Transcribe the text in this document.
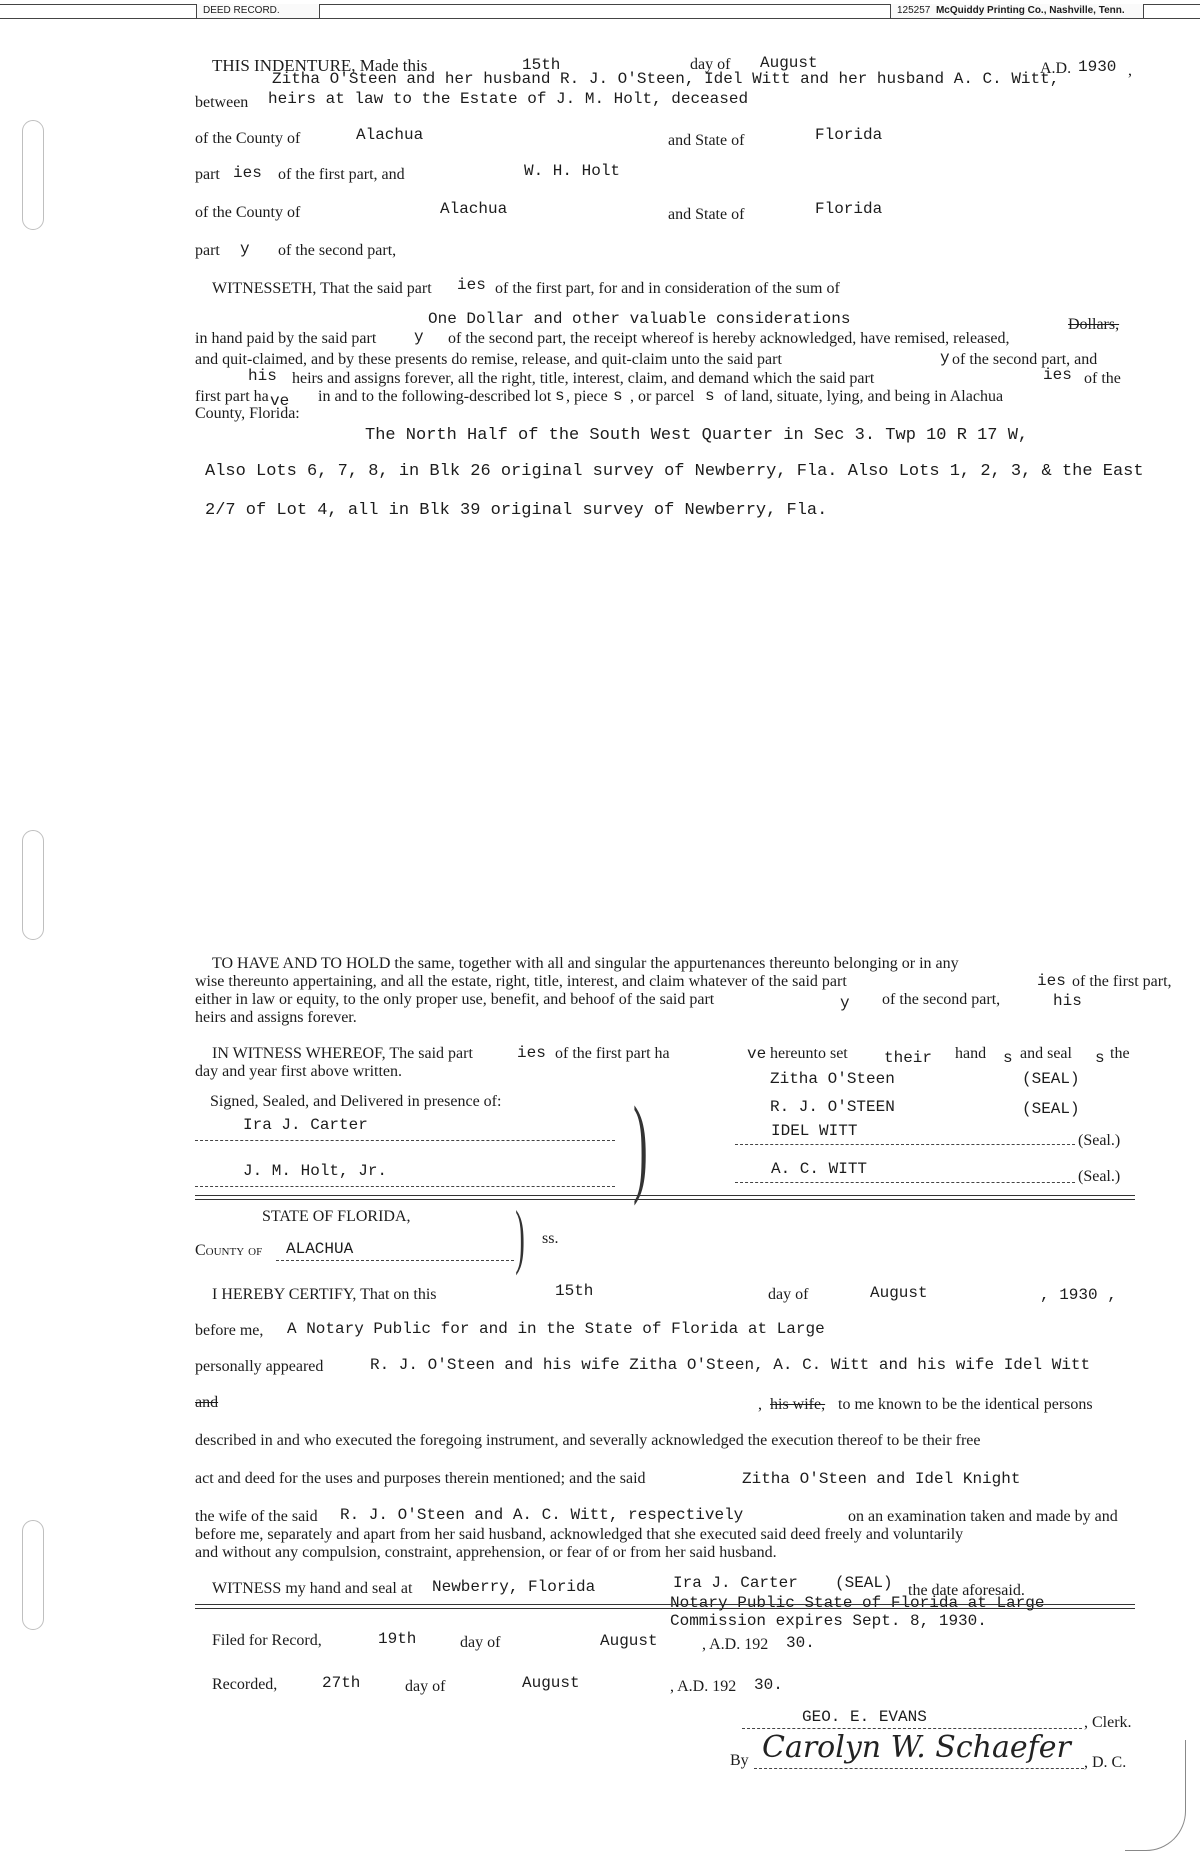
DEED RECORD.	125257 McQuiddy Printing Co., Nashville, Tenn.
THIS INDENTURE, Made this	15th	day of August	A.D. 1930 ,
Zitha O'Steen and her husband R. J. O'Steen, Idel Witt and her husband A. C. Witt,
between heirs at law to the Estate of J. M. Holt, deceased
of the County of	Alachua	and State of	Florida
part ies of the first part, and	W. H. Holt
of the County of	Alachua	and State of	Florida
part y of the second part,
WITNESSETH, That the said part ies of the first part, for and in consideration of the sum of
One Dollar and other valuable considerations	Dollars,
in hand paid by the said part y of the second part, the receipt whereof is hereby acknowledged, have remised, released,
and quit-claimed, and by these presents do remise, release, and quit-claim unto the said part	y of the second part, and
his heirs and assigns forever, all the right, title, interest, claim, and demand which the said part	ies of the
first part ha ve in and to the following-described lot s , piece s , or parcel s of land, situate, lying, and being in Alachua
County, Florida:
The North Half of the South West Quarter in Sec 3. Twp 10 R 17 W,
Also Lots 6, 7, 8, in Blk 26 original survey of Newberry, Fla. Also Lots 1, 2, 3, & the East
2/7 of Lot 4, all in Blk 39 original survey of Newberry, Fla.
TO HAVE AND TO HOLD the same, together with all and singular the appurtenances thereunto belonging or in any
wise thereunto appertaining, and all the estate, right, title, interest, and claim whatever of the said part	ies of the first part,
either in law or equity, to the only proper use, benefit, and behoof of the said part	y of the second part,	his
heirs and assigns forever.
IN WITNESS WHEREOF, The said part	ies of the first part ha	ve hereunto set their hand s and seal s the
day and year first above written.	Zitha O'Steen	(SEAL)
Signed, Sealed, and Delivered in presence of:	R. J. O'STEEN	(SEAL)
Ira J. Carter
J. M. Holt, Jr. )	IDEL WITT
(Seal.)
A. C. WITT	(Seal.)
STATE OF FLORIDA,
County of ALACHUA ) ss.
I HEREBY CERTIFY, That on this	15th	day of	August	, 1930 ,
before me, A Notary Public for and in the State of Florida at Large
personally appeared	R. J. O'Steen and his wife Zitha O'Steen, A. C. Witt and his wife Idel Witt
and	, his wife, to me known to be the identical persons
described in and who executed the foregoing instrument, and severally acknowledged the execution thereof to be their free
act and deed for the uses and purposes therein mentioned; and the said	Zitha O'Steen and Idel Knight
the wife of the said R. J. O'Steen and A. C. Witt, respectively	on an examination taken and made by and
before me, separately and apart from her said husband, acknowledged that she executed said deed freely and voluntarily
and without any compulsion, constraint, apprehension, or fear of or from her said husband.
WITNESS my hand and seal at Newberry, Florida	Ira J. Carter (SEAL) the date aforesaid.
Notary Public State of Florida at Large
Commission expires Sept. 8, 1930.
Filed for Record,	19th	day of	August	, A.D. 192 30.
Recorded,	27th	day of	August	, A.D. 192 30.
GEO. E. EVANS	, Clerk.
By Carolyn W. Schaefer , D. C.
